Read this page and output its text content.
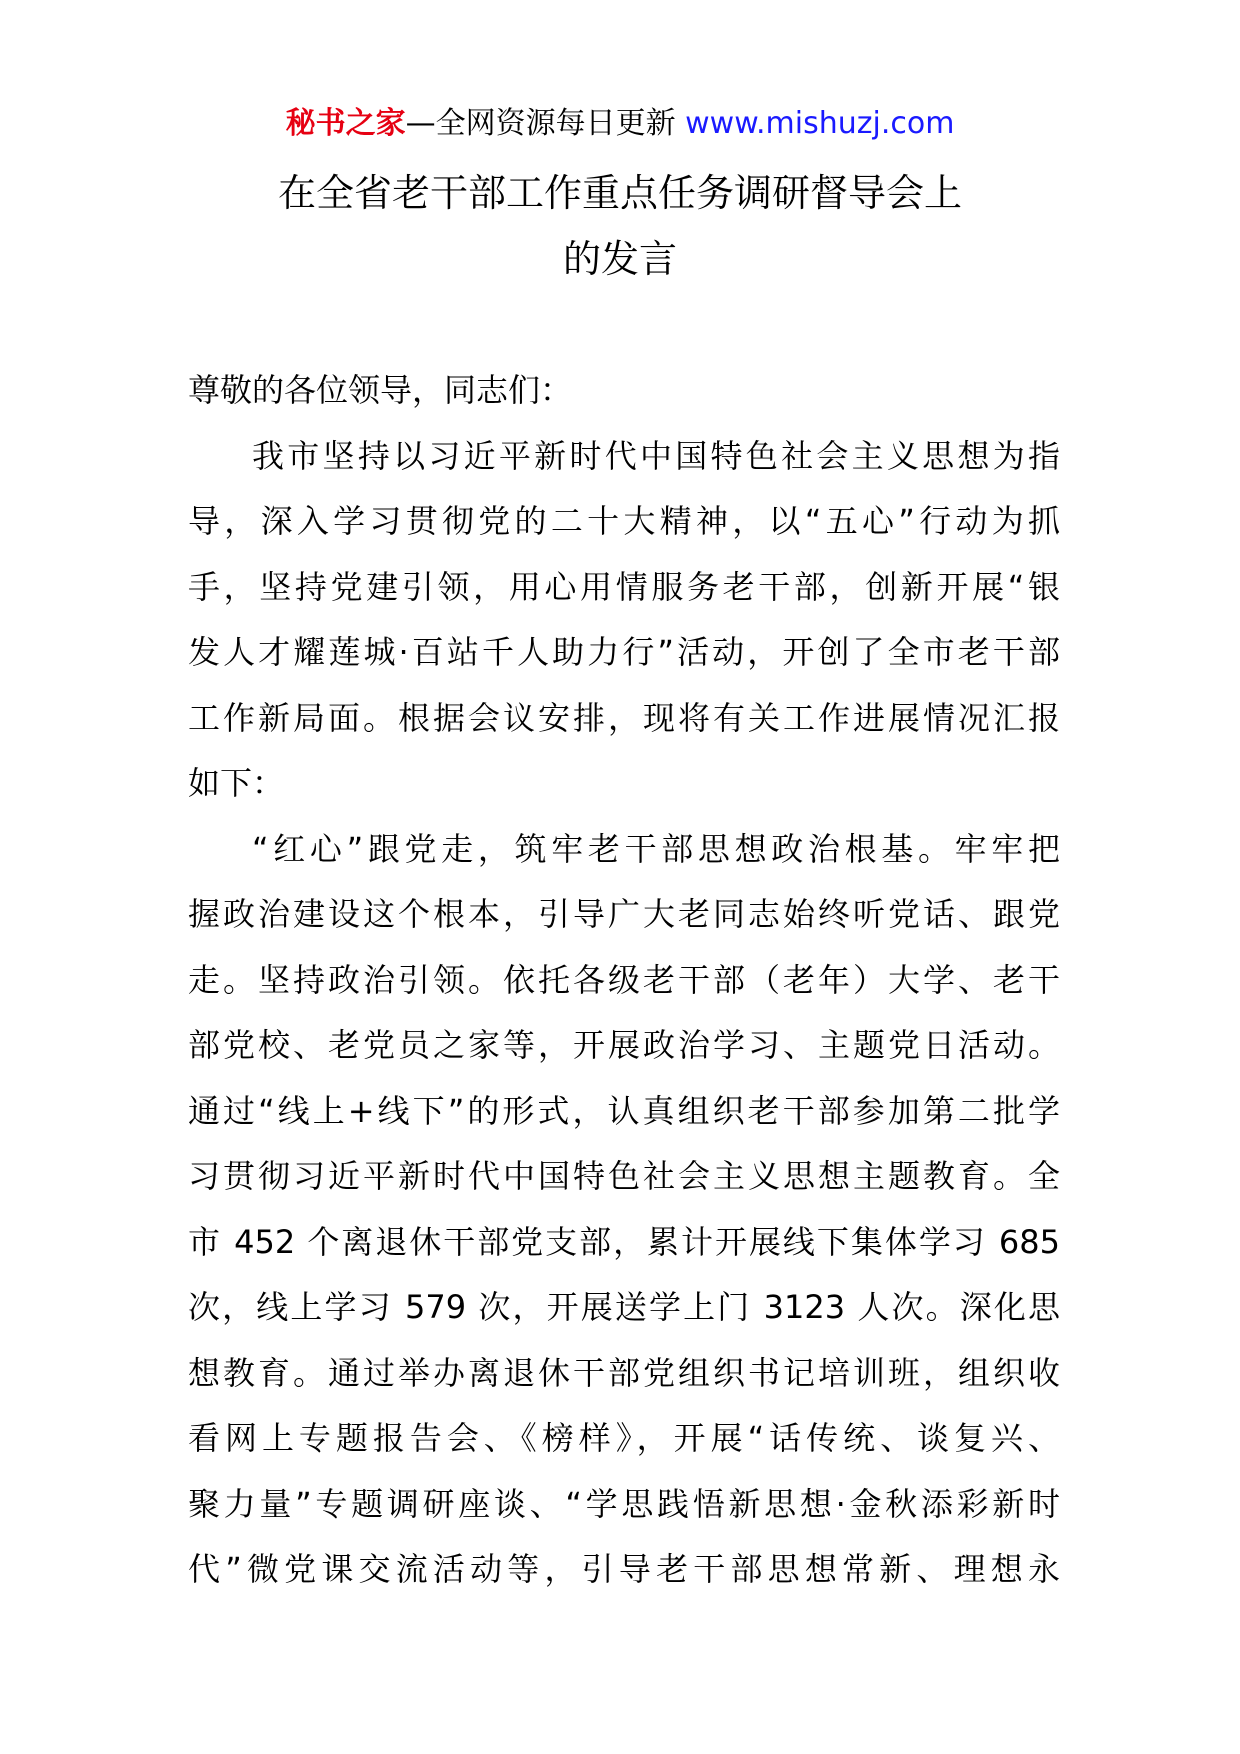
秘书之家—全网资源每日更新 www.mishuzj.com
在全省老干部工作重点任务调研督导会上
的发言
尊敬的各位领导，同志们：
我市坚持以习近平新时代中国特色社会主义思想为指
导，深入学习贯彻党的二十大精神，以“五心”行动为抓
手，坚持党建引领，用心用情服务老干部，创新开展“银
发人才耀莲城·百站千人助力行”活动，开创了全市老干部
工作新局面。根据会议安排，现将有关工作进展情况汇报
如下：
“红心”跟党走，筑牢老干部思想政治根基。牢牢把
握政治建设这个根本，引导广大老同志始终听党话、跟党
走。坚持政治引领。依托各级老干部（老年）大学、老干
部党校、老党员之家等，开展政治学习、主题党日活动。
通过“线上+线下”的形式，认真组织老干部参加第二批学
习贯彻习近平新时代中国特色社会主义思想主题教育。全
市 452 个离退休干部党支部，累计开展线下集体学习 685
次，线上学习 579 次，开展送学上门 3123 人次。深化思
想教育。通过举办离退休干部党组织书记培训班，组织收
看网上专题报告会、《榜样》，开展“话传统、谈复兴、
聚力量”专题调研座谈、“学思践悟新思想·金秋添彩新时
代”微党课交流活动等，引导老干部思想常新、理想永
